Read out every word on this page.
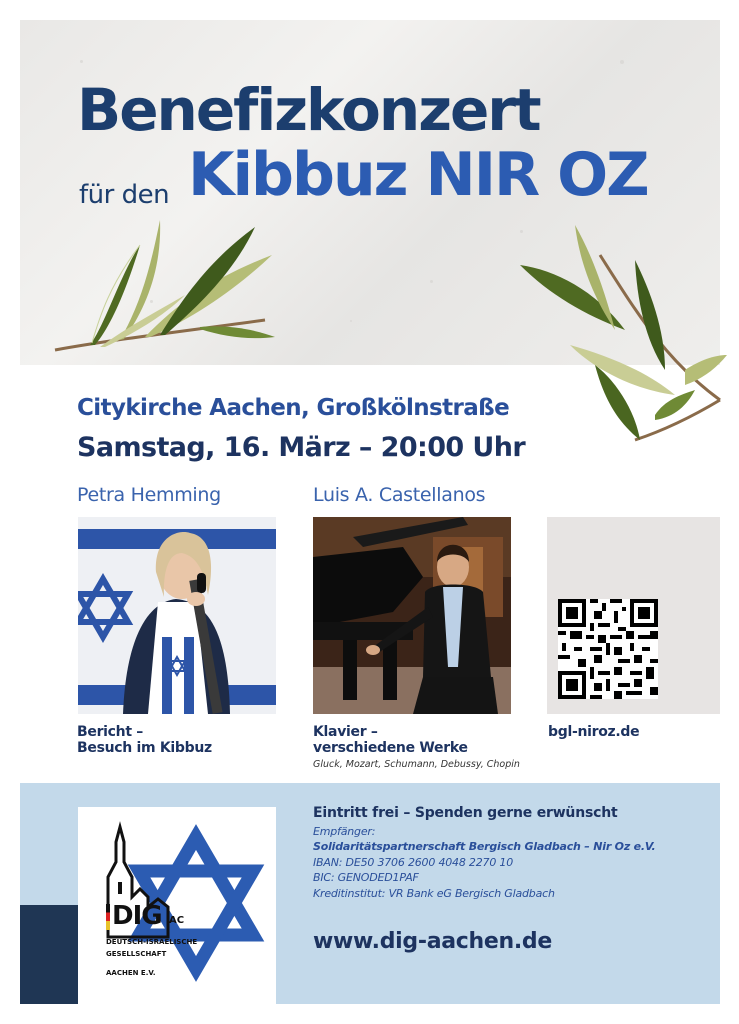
Benefizkonzert
für den Kibbuz NIR OZ
Citykirche Aachen, Großkölnstraße
Samstag, 16. März – 20:00 Uhr
Petra Hemming	Luis A. Castellanos
Bericht –
Besuch im Kibbuz
Klavier –
verschiedene Werke
Gluck, Mozart, Schumann, Debussy, Chopin
bgl-niroz.de
DIG AC
DEUTSCH-ISRAELISCHE
GESELLSCHAFT
AACHEN E.V.
Eintritt frei – Spenden gerne erwünscht
Empfänger:
Solidaritätspartnerschaft Bergisch Gladbach – Nir Oz e.V.
IBAN: DE50 3706 2600 4048 2270 10
BIC: GENODED1PAF
Kreditinstitut: VR Bank eG Bergisch Gladbach
www.dig-aachen.de
